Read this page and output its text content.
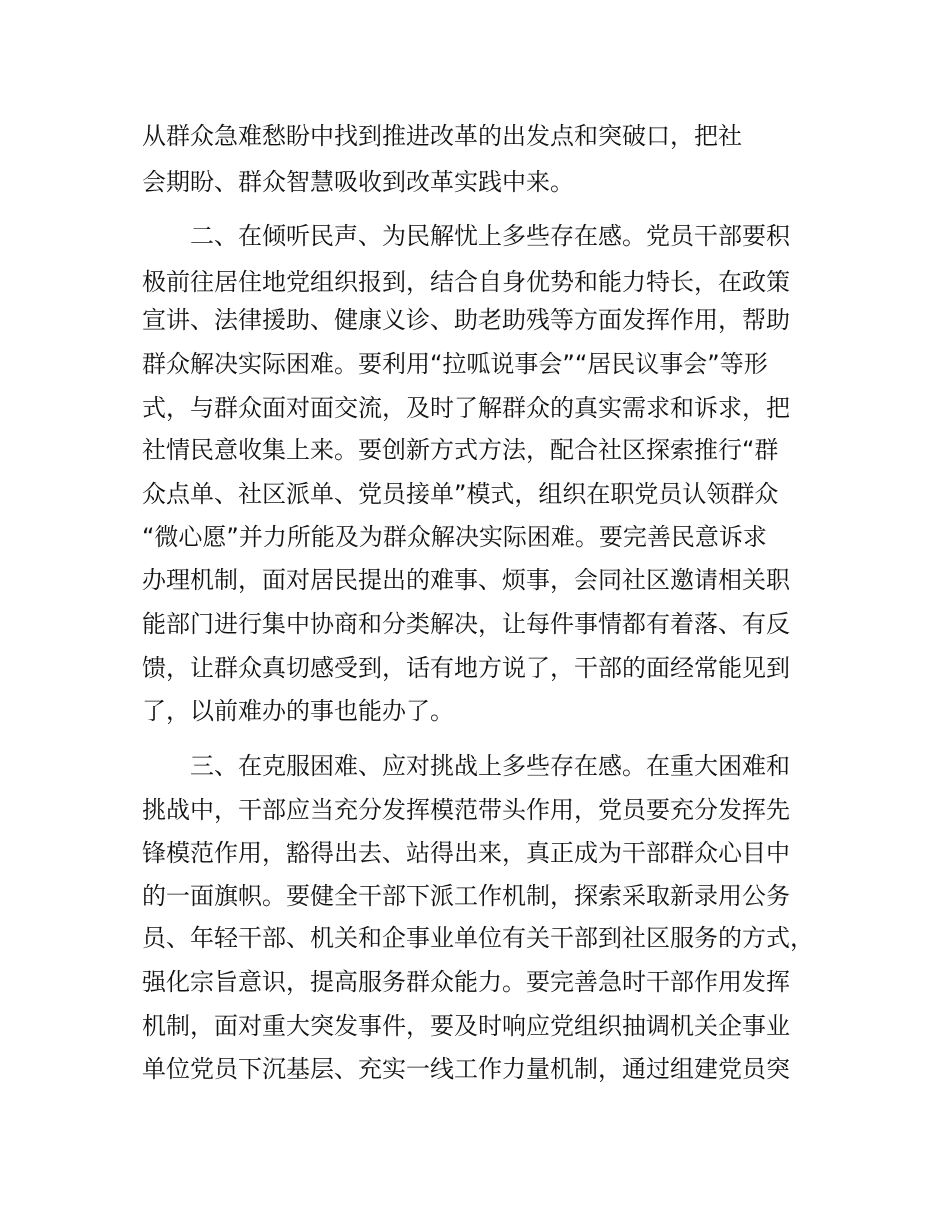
从群众急难愁盼中找到推进改革的出发点和突破口，把社
会期盼、群众智慧吸收到改革实践中来。
二、在倾听民声、为民解忧上多些存在感。党员干部要积
极前往居住地党组织报到，结合自身优势和能力特长，在政策
宣讲、法律援助、健康义诊、助老助残等方面发挥作用，帮助
群众解决实际困难。要利用“拉呱说事会”“居民议事会”等形
式，与群众面对面交流，及时了解群众的真实需求和诉求，把
社情民意收集上来。要创新方式方法，配合社区探索推行“群
众点单、社区派单、党员接单”模式，组织在职党员认领群众
“微心愿”并力所能及为群众解决实际困难。要完善民意诉求
办理机制，面对居民提出的难事、烦事，会同社区邀请相关职
能部门进行集中协商和分类解决，让每件事情都有着落、有反
馈，让群众真切感受到，话有地方说了，干部的面经常能见到
了，以前难办的事也能办了。
三、在克服困难、应对挑战上多些存在感。在重大困难和
挑战中，干部应当充分发挥模范带头作用，党员要充分发挥先
锋模范作用，豁得出去、站得出来，真正成为干部群众心目中
的一面旗帜。要健全干部下派工作机制，探索采取新录用公务
员、年轻干部、机关和企事业单位有关干部到社区服务的方式，
强化宗旨意识，提高服务群众能力。要完善急时干部作用发挥
机制，面对重大突发事件，要及时响应党组织抽调机关企事业
单位党员下沉基层、充实一线工作力量机制，通过组建党员突
